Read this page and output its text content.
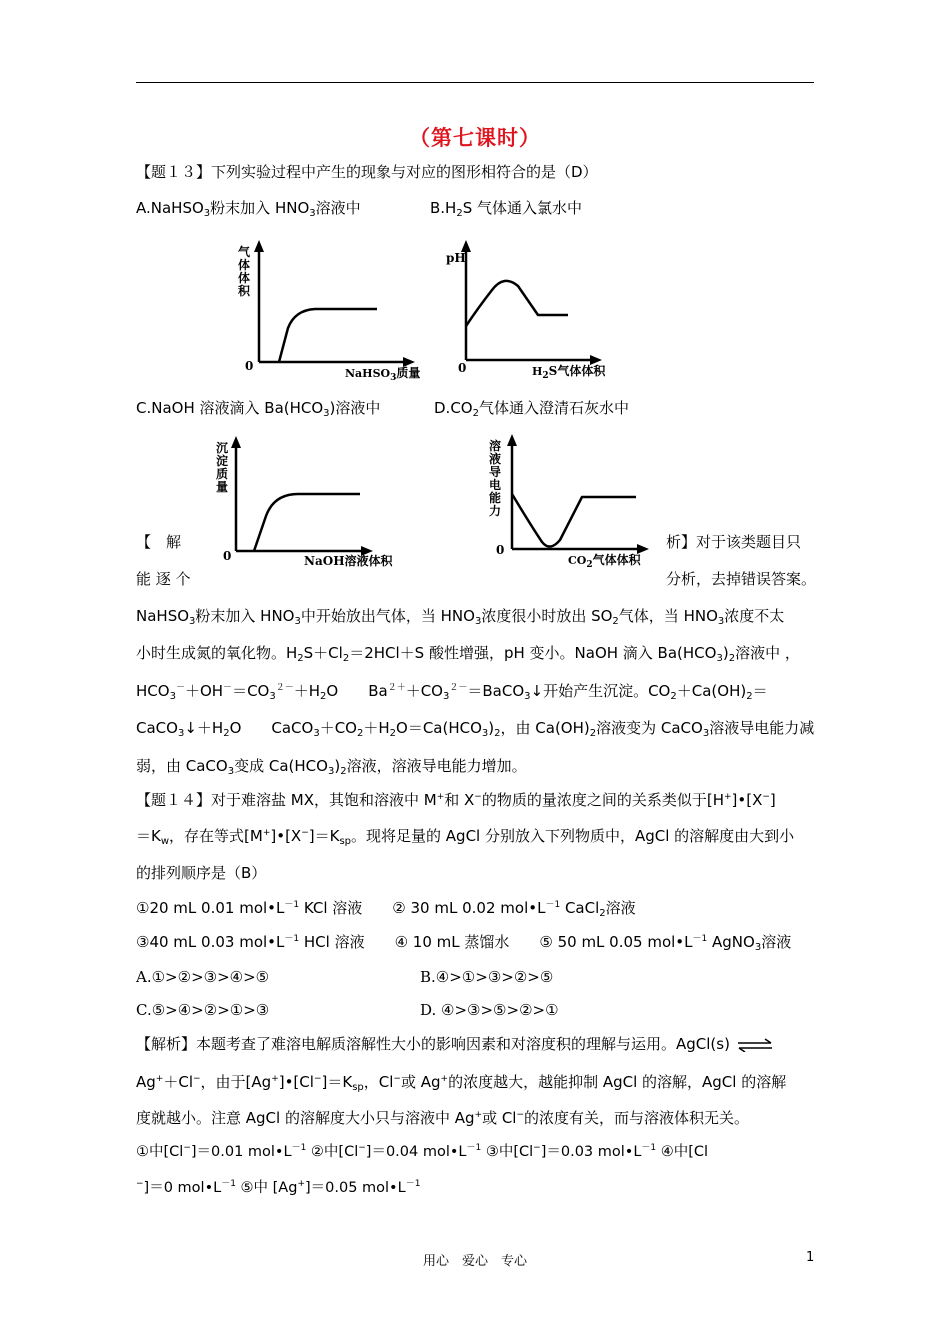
（第七课时）
【题１３】下列实验过程中产生的现象与对应的图形相符合的是（D）
A.NaHSO$_3$粉末加入 $HNO_3$溶液中	$B.H_2S$ 气体通入氯水中
气体体积
0
NaHSO$_3$质量
pH
0	$H_2S$气体体积
C.NaOH 溶液滴入 $Ba(HCO_3)$溶液中	$D.CO_2$气体通入澄清石灰水中
沉淀质量
0	NaOH溶液体积
溶液导电能力
0
$CO_2$气体体积
【　解	析】对于该类题目只
能 逐 个	分析，去掉错误答案。
NaHSO$_3$粉末加入 $HNO_3$中开始放出气体，当 $HNO_3$浓度很小时放出 $SO_2$气体，当 $HNO_3$浓度不太
小时生成氮的氧化物。$H_2S+Cl_2=2HCl+S$ 酸性增强，pH 变小。NaOH 滴入 $Ba(HCO_3)_2$溶液中 ，
$HCO_3^-+OH^-=CO_3^{2-}+H_2O$　　$Ba^{2+}+CO_3^{2-}=BaCO_3↓$开始产生沉淀。$CO_2+Ca(OH)_2=$
$CaCO_3↓+H_2O$　　$CaCO_3+CO_2+H_2O=Ca(HCO_3)_2$，由 $Ca(OH)_2$溶液变为 CaCO$_3$溶液导电能力减
弱，由 CaCO$_3$变成 $Ca(HCO_3)_2$溶液，溶液导电能力增加。
【题１４】对于难溶盐 MX，其饱和溶液中 M+和 X−的物质的量浓度之间的关系类似于[H+]•[X−]
$=K_w$，存在等式$[M^+]•[X^-]=K_{sp}$。现将足量的 AgCl 分别放入下列物质中，AgCl 的溶解度由大到小
的排列顺序是（B）
①20 mL 0.01 $mol•L^{-1}$ KCl 溶液　　② 30 mL 0.02 $mol•L^{-1}$ CaCl$_2$溶液
③40 mL 0.03 $mol•L^{-1}$ HCl 溶液　　④ 10 mL 蒸馏水　　⑤ 50 mL 0.05 $mol•L^{-1}$ AgNO$_3$溶液
A.①>②>③>④>⑤	B.④>①>③>②>⑤
C.⑤>④>②>①>③	D. ④>③>⑤>②>①
【解析】本题考查了难溶电解质溶解性大小的影响因素和对溶度积的理解与运用。AgCl(s) ⇌
Ag+＋Cl−，由于$[Ag^+]•[Cl^-]=K_{sp}$，Cl−或 Ag+的浓度越大，越能抑制 AgCl 的溶解，AgCl 的溶解
度就越小。注意 AgCl 的溶解度大小只与溶液中 Ag+或 Cl−的浓度有关，而与溶液体积无关。
①中[Cl−]＝0.01 $mol•L^{-1}$ ②中[Cl−]＝0.04 $mol•L^{-1}$ ③中[Cl−]＝0.03 $mol•L^{-1}$ ④中[Cl
−]＝0 $mol•L^{-1}$ ⑤中 [Ag+]＝0.05 $mol•L^{-1}$
用心　爱心　专心	1
